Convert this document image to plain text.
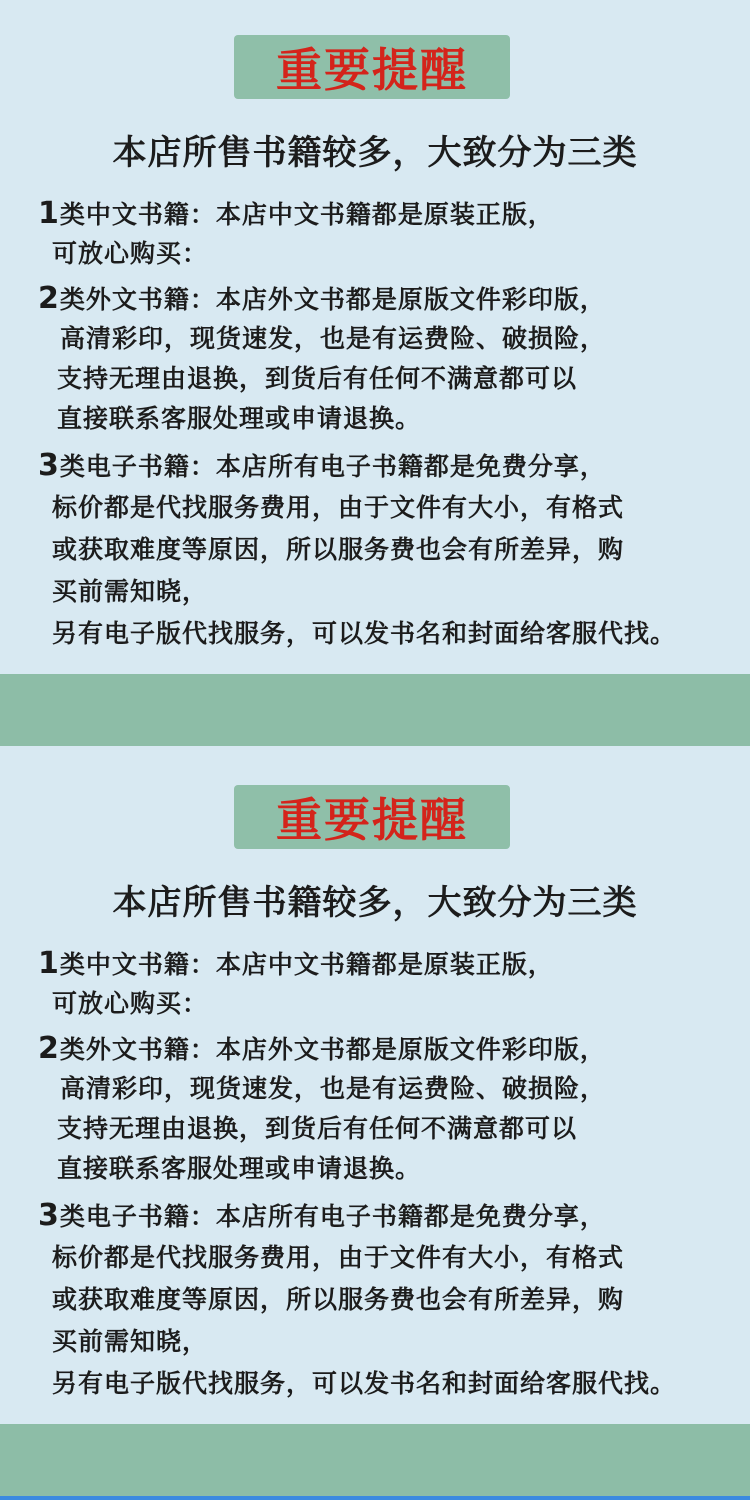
重要提醒
本店所售书籍较多，大致分为三类
1类中文书籍：本店中文书籍都是原装正版，
可放心购买：
2类外文书籍：本店外文书都是原版文件彩印版，
高清彩印，现货速发，也是有运费险、破损险，
支持无理由退换，到货后有任何不满意都可以
直接联系客服处理或申请退换。
3类电子书籍：本店所有电子书籍都是免费分享，
标价都是代找服务费用，由于文件有大小，有格式
或获取难度等原因，所以服务费也会有所差异，购
买前需知晓，
另有电子版代找服务，可以发书名和封面给客服代找。
重要提醒
本店所售书籍较多，大致分为三类
1类中文书籍：本店中文书籍都是原装正版，
可放心购买：
2类外文书籍：本店外文书都是原版文件彩印版，
高清彩印，现货速发，也是有运费险、破损险，
支持无理由退换，到货后有任何不满意都可以
直接联系客服处理或申请退换。
3类电子书籍：本店所有电子书籍都是免费分享，
标价都是代找服务费用，由于文件有大小，有格式
或获取难度等原因，所以服务费也会有所差异，购
买前需知晓，
另有电子版代找服务，可以发书名和封面给客服代找。
